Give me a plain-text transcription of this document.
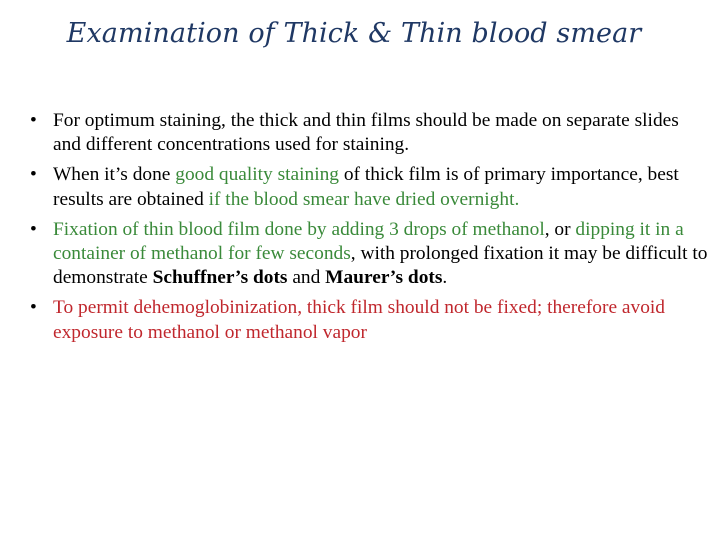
Examination of Thick & Thin blood smear
• For optimum staining, the thick and thin films should be made on separate slides and different concentrations used for staining.
• When it’s done good quality staining of thick film is of primary importance, best results are obtained if the blood smear have dried overnight.
• Fixation of thin blood film done by adding 3 drops of methanol, or dipping it in a container of methanol for few seconds, with prolonged fixation it may be difficult to demonstrate Schuffner’s dots and Maurer’s dots.
• To permit dehemoglobinization, thick film should not be fixed; therefore avoid exposure to methanol or methanol vapor
